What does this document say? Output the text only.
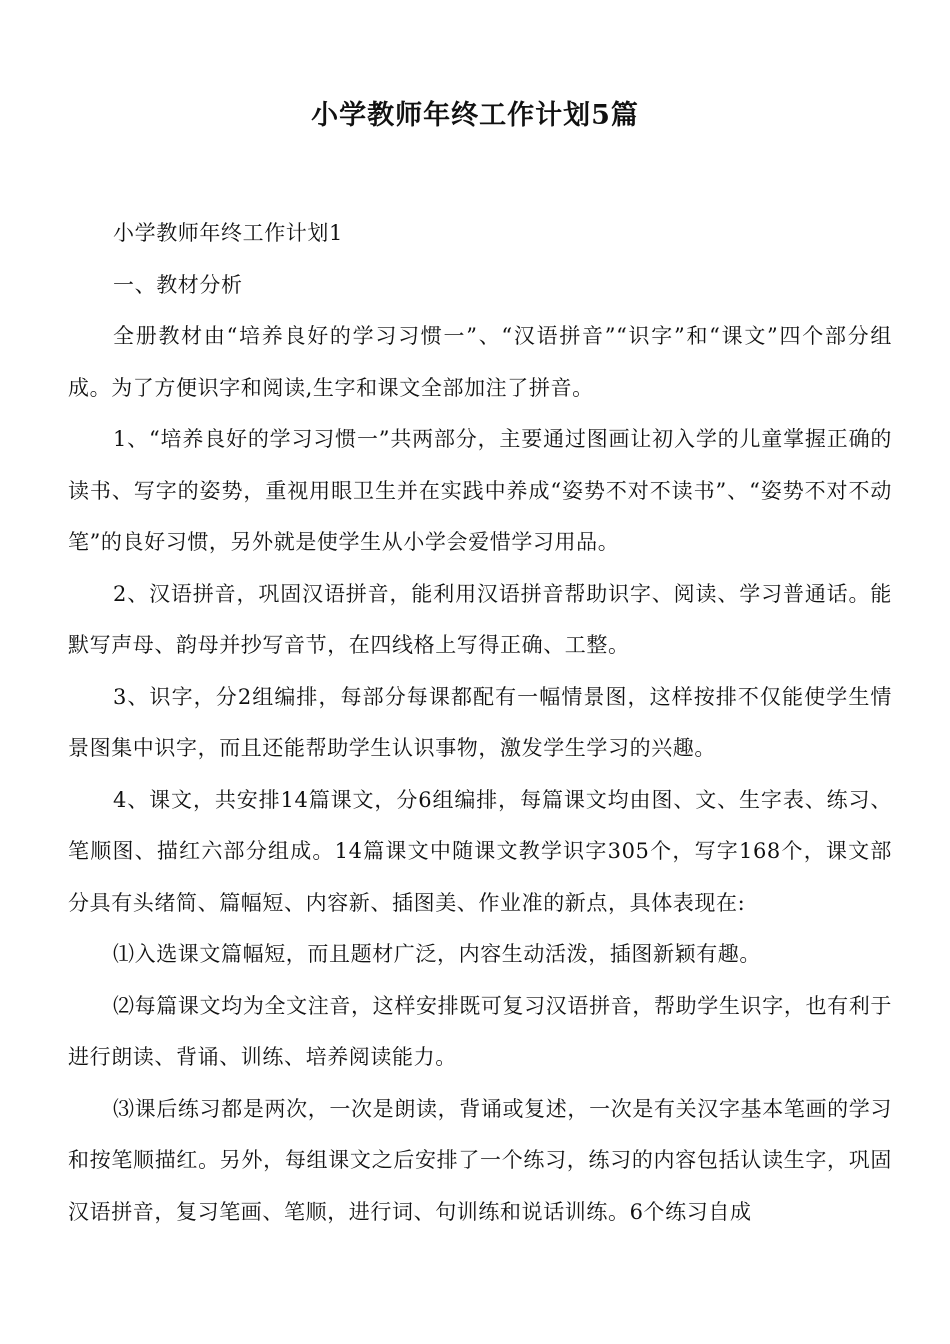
小学教师年终工作计划5篇

小学教师年终工作计划1

一、教材分析

全册教材由“培养良好的学习习惯一”、“汉语拼音”“识字”和“课文”四个部分组成。为了方便识字和阅读,生字和课文全部加注了拼音。

1、“培养良好的学习习惯一”共两部分，主要通过图画让初入学的儿童掌握正确的读书、写字的姿势，重视用眼卫生并在实践中养成“姿势不对不读书”、“姿势不对不动笔”的良好习惯，另外就是使学生从小学会爱惜学习用品。

2、汉语拼音，巩固汉语拼音，能利用汉语拼音帮助识字、阅读、学习普通话。能默写声母、韵母并抄写音节，在四线格上写得正确、工整。

3、识字，分2组编排，每部分每课都配有一幅情景图，这样按排不仅能使学生情景图集中识字，而且还能帮助学生认识事物，激发学生学习的兴趣。

4、课文，共安排14篇课文，分6组编排，每篇课文均由图、文、生字表、练习、笔顺图、描红六部分组成。14篇课文中随课文教学识字305个，写字168个，课文部分具有头绪简、篇幅短、内容新、插图美、作业准的新点，具体表现在:

⑴入选课文篇幅短，而且题材广泛，内容生动活泼，插图新颖有趣。

⑵每篇课文均为全文注音，这样安排既可复习汉语拼音，帮助学生识字，也有利于进行朗读、背诵、训练、培养阅读能力。

⑶课后练习都是两次，一次是朗读，背诵或复述，一次是有关汉字基本笔画的学习和按笔顺描红。另外，每组课文之后安排了一个练习，练习的内容包括认读生字，巩固汉语拼音，复习笔画、笔顺，进行词、句训练和说话训练。6个练习自成
